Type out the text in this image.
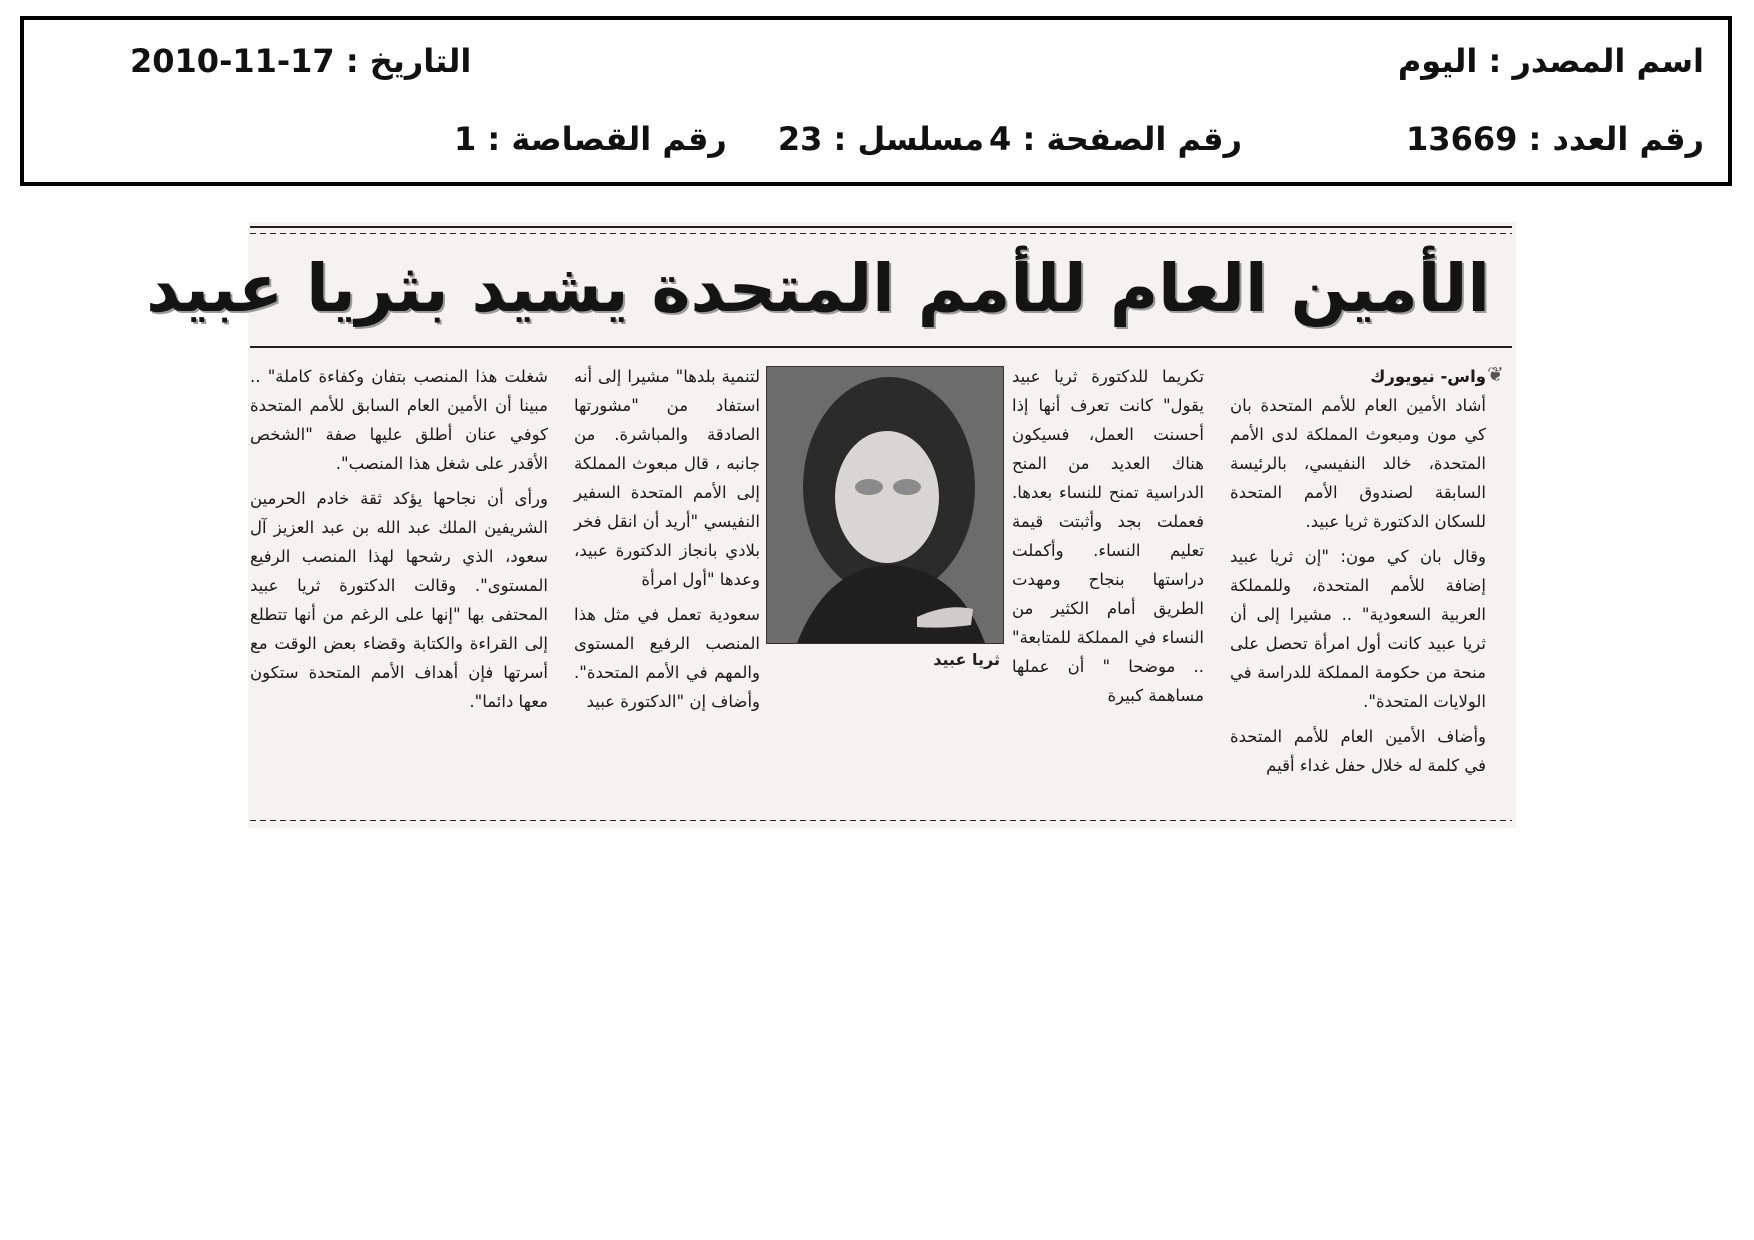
اسم المصدر : اليوم
التاريخ : 17-11-2010
رقم العدد : 13669
رقم الصفحة : 4
مسلسل : 23
رقم القصاصة : 1
الأمين العام للأمم المتحدة يشيد بثريا عبيد
❦
واس- نيويورك

أشاد الأمين العام للأمم المتحدة بان كي مون ومبعوث المملكة لدى الأمم المتحدة، خالد النفيسي، بالرئيسة السابقة لصندوق الأمم المتحدة للسكان الدكتورة ثريا عبيد.

وقال بان كي مون: "إن ثريا عبيد إضافة للأمم المتحدة، وللمملكة العربية السعودية" .. مشيرا إلى أن ثريا عبيد كانت أول امرأة تحصل على منحة من حكومة المملكة للدراسة في الولايات المتحدة".

وأضاف الأمين العام للأمم المتحدة في كلمة له خلال حفل غداء أقيم

تكريما للدكتورة ثريا عبيد يقول" كانت تعرف أنها إذا أحسنت العمل، فسيكون هناك العديد من المنح الدراسية تمنح للنساء بعدها. فعملت بجد وأثبتت قيمة تعليم النساء. وأكملت دراستها بنجاح ومهدت الطريق أمام الكثير من النساء في المملكة للمتابعة" .. موضحا " أن عملها مساهمة كبيرة

ثريا عبيد

لتنمية بلدها" مشيرا إلى أنه استفاد من "مشورتها الصادقة والمباشرة. من جانبه ، قال مبعوث المملكة إلى الأمم المتحدة السفير النفيسي "أريد أن انقل فخر بلادي بانجاز الدكتورة عبيد، وعدها "أول امرأة

سعودية تعمل في مثل هذا المنصب الرفيع المستوى والمهم في الأمم المتحدة". وأضاف إن "الدكتورة عبيد

شغلت هذا المنصب بتفان وكفاءة كاملة" .. مبينا أن الأمين العام السابق للأمم المتحدة كوفي عنان أطلق عليها صفة "الشخص الأقدر على شغل هذا المنصب".

ورأى أن نجاحها يؤكد ثقة خادم الحرمين الشريفين الملك عبد الله بن عبد العزيز آل سعود، الذي رشحها لهذا المنصب الرفيع المستوى". وقالت الدكتورة ثريا عبيد المحتفى بها "إنها على الرغم من أنها تتطلع إلى القراءة والكتابة وقضاء بعض الوقت مع أسرتها فإن أهداف الأمم المتحدة ستكون معها دائما".
